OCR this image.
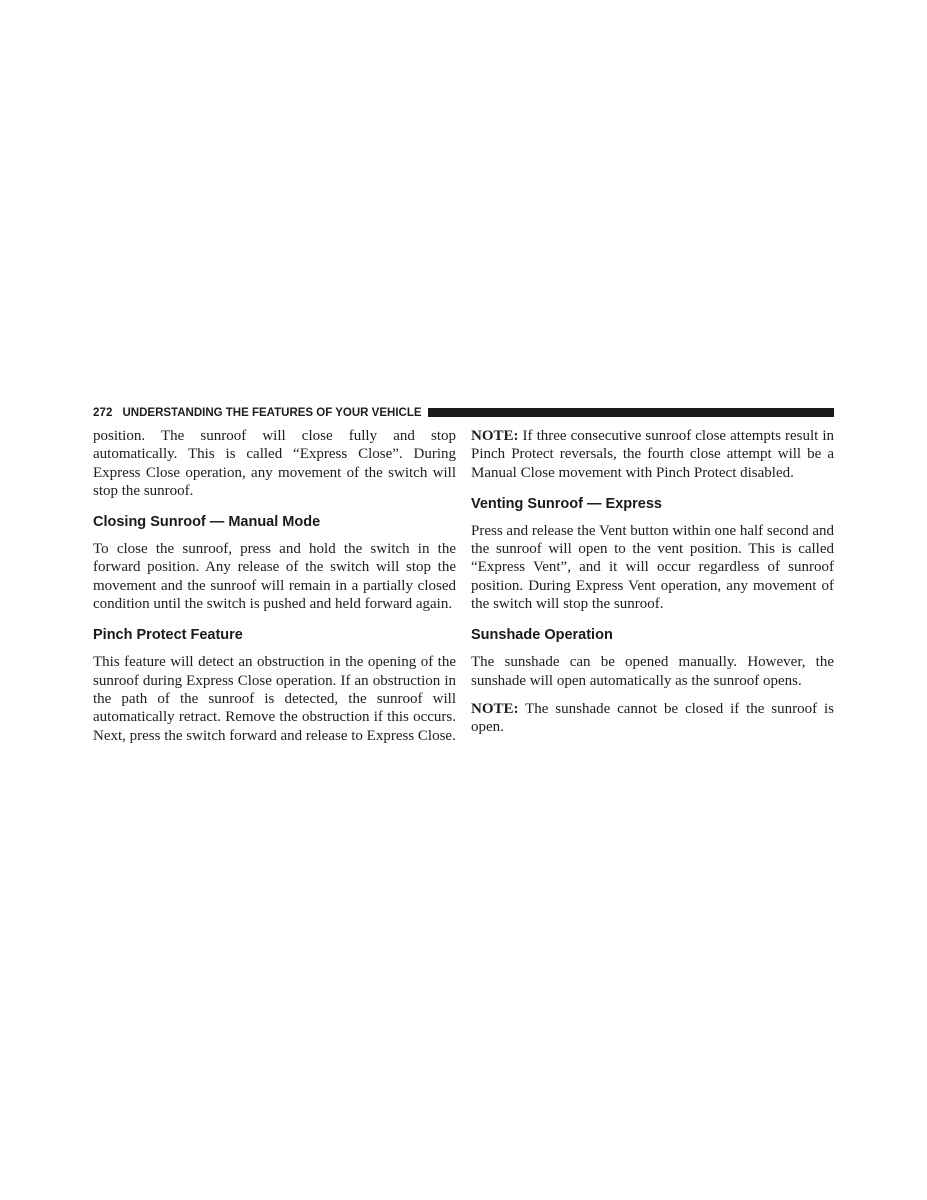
272 UNDERSTANDING THE FEATURES OF YOUR VEHICLE

position. The sunroof will close fully and stop automatically. This is called “Express Close”. During Express Close operation, any movement of the switch will stop the sunroof.

Closing Sunroof — Manual Mode

To close the sunroof, press and hold the switch in the forward position. Any release of the switch will stop the movement and the sunroof will remain in a partially closed condition until the switch is pushed and held forward again.

Pinch Protect Feature

This feature will detect an obstruction in the opening of the sunroof during Express Close operation. If an obstruction in the path of the sunroof is detected, the sunroof will automatically retract. Remove the obstruction if this occurs. Next, press the switch forward and release to Express Close.

NOTE: If three consecutive sunroof close attempts result in Pinch Protect reversals, the fourth close attempt will be a Manual Close movement with Pinch Protect disabled.

Venting Sunroof — Express

Press and release the Vent button within one half second and the sunroof will open to the vent position. This is called “Express Vent”, and it will occur regardless of sunroof position. During Express Vent operation, any movement of the switch will stop the sunroof.

Sunshade Operation

The sunshade can be opened manually. However, the sunshade will open automatically as the sunroof opens.

NOTE: The sunshade cannot be closed if the sunroof is open.
